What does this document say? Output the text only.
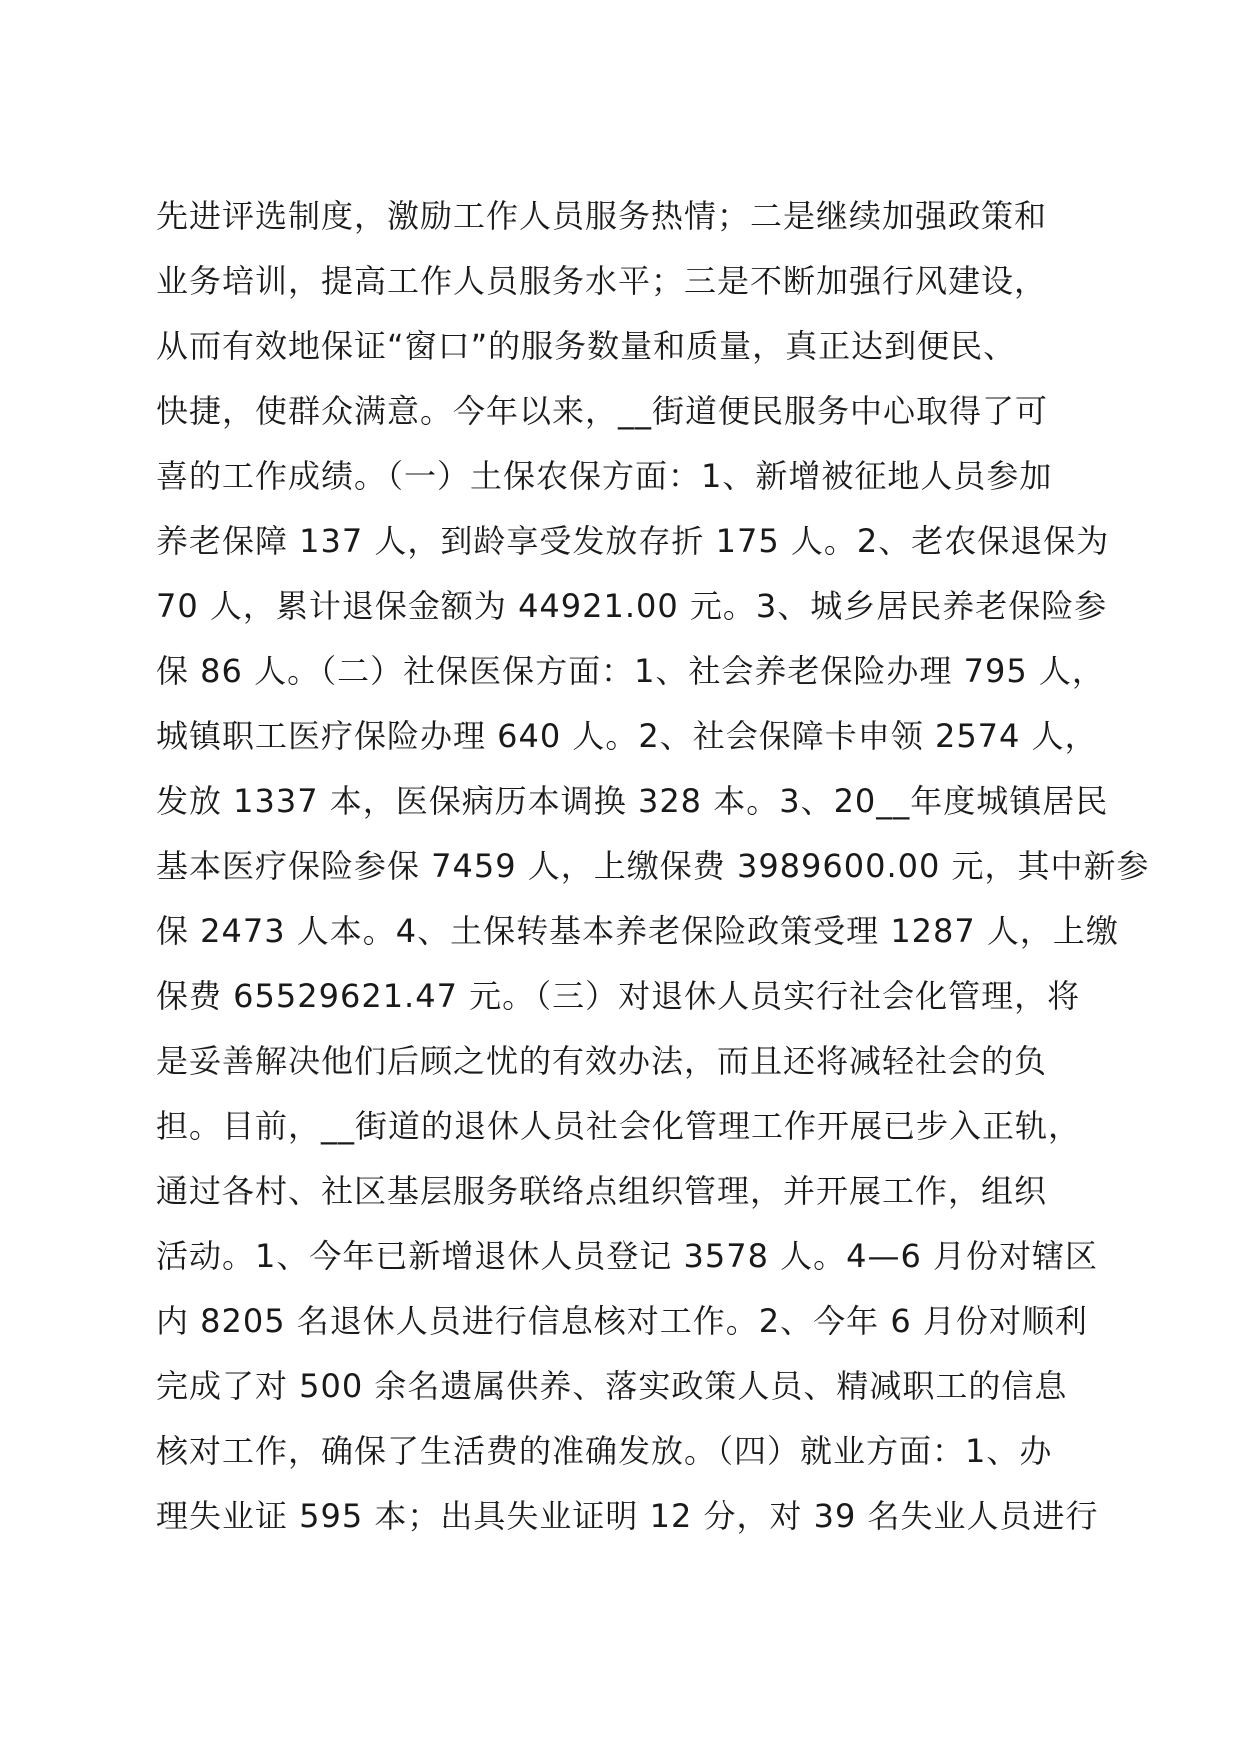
先进评选制度，激励工作人员服务热情；二是继续加强政策和
业务培训，提高工作人员服务水平；三是不断加强行风建设，
从而有效地保证“窗口”的服务数量和质量，真正达到便民、
快捷，使群众满意。今年以来，__街道便民服务中心取得了可
喜的工作成绩。（一）土保农保方面：1、新增被征地人员参加
养老保障 137 人，到龄享受发放存折 175 人。2、老农保退保为
70 人，累计退保金额为 44921.00 元。3、城乡居民养老保险参
保 86 人。（二）社保医保方面：1、社会养老保险办理 795 人，
城镇职工医疗保险办理 640 人。2、社会保障卡申领 2574 人，
发放 1337 本，医保病历本调换 328 本。3、20__年度城镇居民
基本医疗保险参保 7459 人，上缴保费 3989600.00 元，其中新参
保 2473 人本。4、土保转基本养老保险政策受理 1287 人，上缴
保费 65529621.47 元。（三）对退休人员实行社会化管理，将
是妥善解决他们后顾之忧的有效办法，而且还将减轻社会的负
担。目前，__街道的退休人员社会化管理工作开展已步入正轨，
通过各村、社区基层服务联络点组织管理，并开展工作，组织
活动。1、今年已新增退休人员登记 3578 人。4—6 月份对辖区
内 8205 名退休人员进行信息核对工作。2、今年 6 月份对顺利
完成了对 500 余名遗属供养、落实政策人员、精减职工的信息
核对工作，确保了生活费的准确发放。（四）就业方面：1、办
理失业证 595 本；出具失业证明 12 分，对 39 名失业人员进行
